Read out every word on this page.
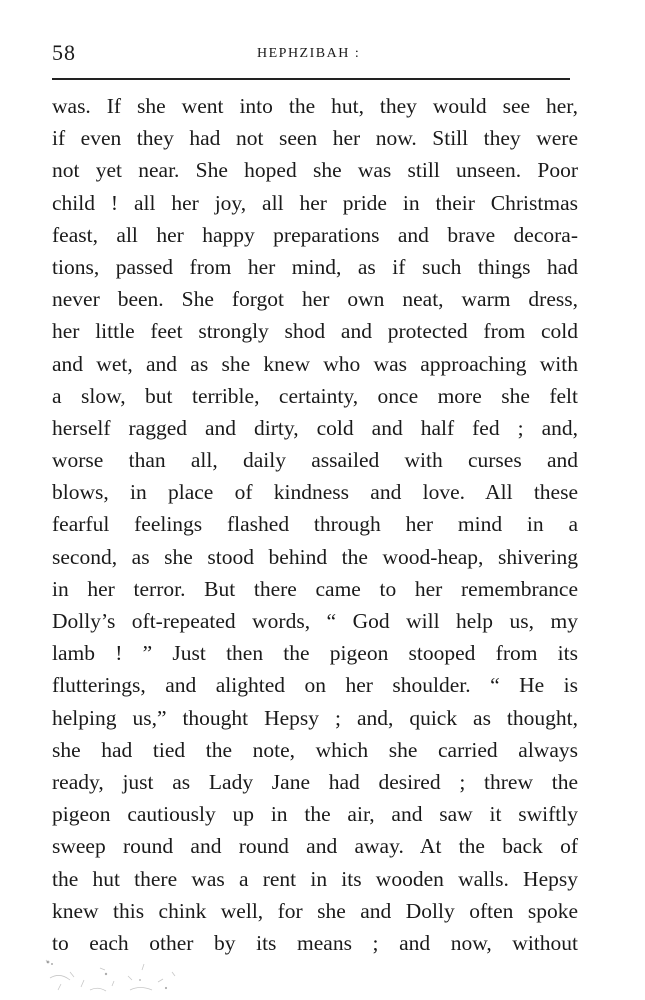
58	HEPHZIBAH :
was. If she went into the hut, they would see her,
if even they had not seen her now. Still they were
not yet near. She hoped she was still unseen. Poor
child ! all her joy, all her pride in their Christmas
feast, all her happy preparations and brave decora-
tions, passed from her mind, as if such things had
never been. She forgot her own neat, warm dress,
her little feet strongly shod and protected from cold
and wet, and as she knew who was approaching with
a slow, but terrible, certainty, once more she felt
herself ragged and dirty, cold and half fed ; and,
worse than all, daily assailed with curses and
blows, in place of kindness and love. All these
fearful feelings flashed through her mind in a
second, as she stood behind the wood-heap, shivering
in her terror. But there came to her remembrance
Dolly’s oft-repeated words, “ God will help us, my
lamb ! ” Just then the pigeon stooped from its
flutterings, and alighted on her shoulder. “ He is
helping us,” thought Hepsy ; and, quick as thought,
she had tied the note, which she carried always
ready, just as Lady Jane had desired ; threw the
pigeon cautiously up in the air, and saw it swiftly
sweep round and round and away. At the back of
the hut there was a rent in its wooden walls. Hepsy
knew this chink well, for she and Dolly often spoke
to each other by its means ; and now, without
